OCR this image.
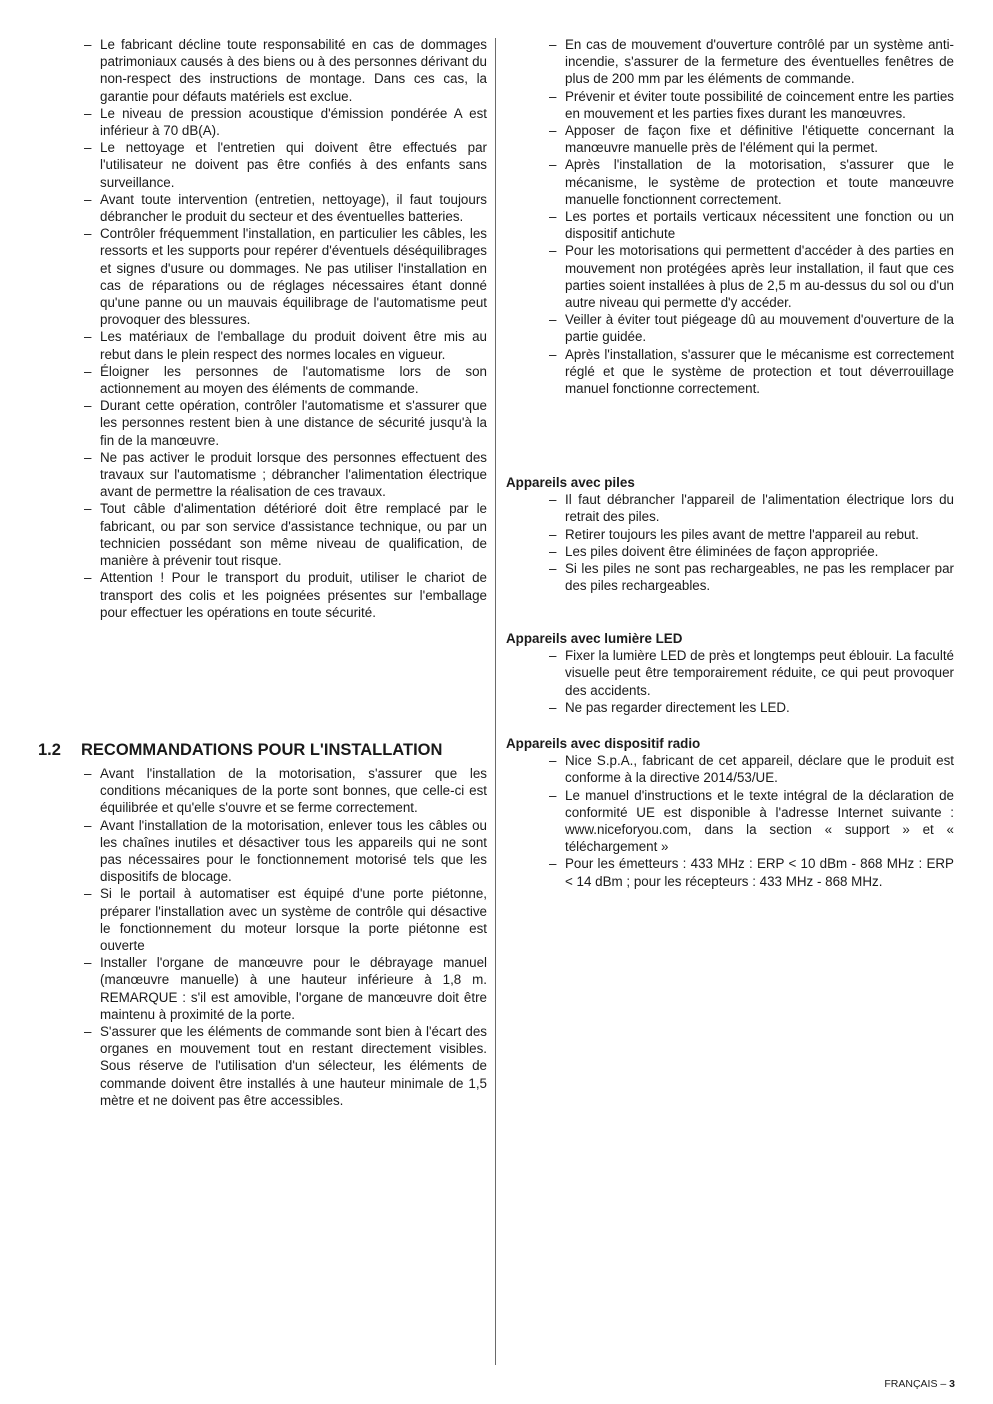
– Le fabricant décline toute responsabilité en cas de dommages patrimoniaux causés à des biens ou à des personnes dérivant du non-respect des instructions de montage. Dans ces cas, la garantie pour défauts matériels est exclue.
– Le niveau de pression acoustique d'émission pondérée A est inférieur à 70 dB(A).
– Le nettoyage et l'entretien qui doivent être effectués par l'utilisateur ne doivent pas être confiés à des enfants sans surveillance.
– Avant toute intervention (entretien, nettoyage), il faut toujours débrancher le produit du secteur et des éventuelles batteries.
– Contrôler fréquemment l'installation, en particulier les câbles, les ressorts et les supports pour repérer d'éventuels déséquilibrages et signes d'usure ou dommages. Ne pas utiliser l'installation en cas de réparations ou de réglages nécessaires étant donné qu'une panne ou un mauvais équilibrage de l'automatisme peut provoquer des blessures.
– Les matériaux de l'emballage du produit doivent être mis au rebut dans le plein respect des normes locales en vigueur.
– Éloigner les personnes de l'automatisme lors de son actionnement au moyen des éléments de commande.
– Durant cette opération, contrôler l'automatisme et s'assurer que les personnes restent bien à une distance de sécurité jusqu'à la fin de la manœuvre.
– Ne pas activer le produit lorsque des personnes effectuent des travaux sur l'automatisme ; débrancher l'alimentation électrique avant de permettre la réalisation de ces travaux.
– Tout câble d'alimentation détérioré doit être remplacé par le fabricant, ou par son service d'assistance technique, ou par un technicien possédant son même niveau de qualification, de manière à prévenir tout risque.
– Attention ! Pour le transport du produit, utiliser le chariot de transport des colis et les poignées présentes sur l'emballage pour effectuer les opérations en toute sécurité.
1.2 RECOMMANDATIONS POUR L'INSTALLATION
– Avant l'installation de la motorisation, s'assurer que les conditions mécaniques de la porte sont bonnes, que celle-ci est équilibrée et qu'elle s'ouvre et se ferme correctement.
– Avant l'installation de la motorisation, enlever tous les câbles ou les chaînes inutiles et désactiver tous les appareils qui ne sont pas nécessaires pour le fonctionnement motorisé tels que les dispositifs de blocage.
– Si le portail à automatiser est équipé d'une porte piétonne, préparer l'installation avec un système de contrôle qui désactive le fonctionnement du moteur lorsque la porte piétonne est ouverte
– Installer l'organe de manœuvre pour le débrayage manuel (manœuvre manuelle) à une hauteur inférieure à 1,8 m. REMARQUE : s'il est amovible, l'organe de manœuvre doit être maintenu à proximité de la porte.
– S'assurer que les éléments de commande sont bien à l'écart des organes en mouvement tout en restant directement visibles. Sous réserve de l'utilisation d'un sélecteur, les éléments de commande doivent être installés à une hauteur minimale de 1,5 mètre et ne doivent pas être accessibles.
– En cas de mouvement d'ouverture contrôlé par un système anti-incendie, s'assurer de la fermeture des éventuelles fenêtres de plus de 200 mm par les éléments de commande.
– Prévenir et éviter toute possibilité de coincement entre les parties en mouvement et les parties fixes durant les manœuvres.
– Apposer de façon fixe et définitive l'étiquette concernant la manœuvre manuelle près de l'élément qui la permet.
– Après l'installation de la motorisation, s'assurer que le mécanisme, le système de protection et toute manœuvre manuelle fonctionnent correctement.
– Les portes et portails verticaux nécessitent une fonction ou un dispositif antichute
– Pour les motorisations qui permettent d'accéder à des parties en mouvement non protégées après leur installation, il faut que ces parties soient installées à plus de 2,5 m au-dessus du sol ou d'un autre niveau qui permette d'y accéder.
– Veiller à éviter tout piégeage dû au mouvement d'ouverture de la partie guidée.
– Après l'installation, s'assurer que le mécanisme est correctement réglé et que le système de protection et tout déverrouillage manuel fonctionne correctement.

Appareils avec piles

– Il faut débrancher l'appareil de l'alimentation électrique lors du retrait des piles.
– Retirer toujours les piles avant de mettre l'appareil au rebut.
– Les piles doivent être éliminées de façon appropriée.
– Si les piles ne sont pas rechargeables, ne pas les remplacer par des piles rechargeables.

Appareils avec lumière LED

– Fixer la lumière LED de près et longtemps peut éblouir. La faculté visuelle peut être temporairement réduite, ce qui peut provoquer des accidents.
– Ne pas regarder directement les LED.

Appareils avec dispositif radio

– Nice S.p.A., fabricant de cet appareil, déclare que le produit est conforme à la directive 2014/53/UE.
– Le manuel d'instructions et le texte intégral de la déclaration de conformité UE est disponible à l'adresse Internet suivante : www.niceforyou.com, dans la section « support » et « téléchargement »
– Pour les émetteurs : 433 MHz : ERP < 10 dBm - 868 MHz : ERP < 14 dBm ; pour les récepteurs : 433 MHz - 868 MHz.
FRANÇAIS – 3
